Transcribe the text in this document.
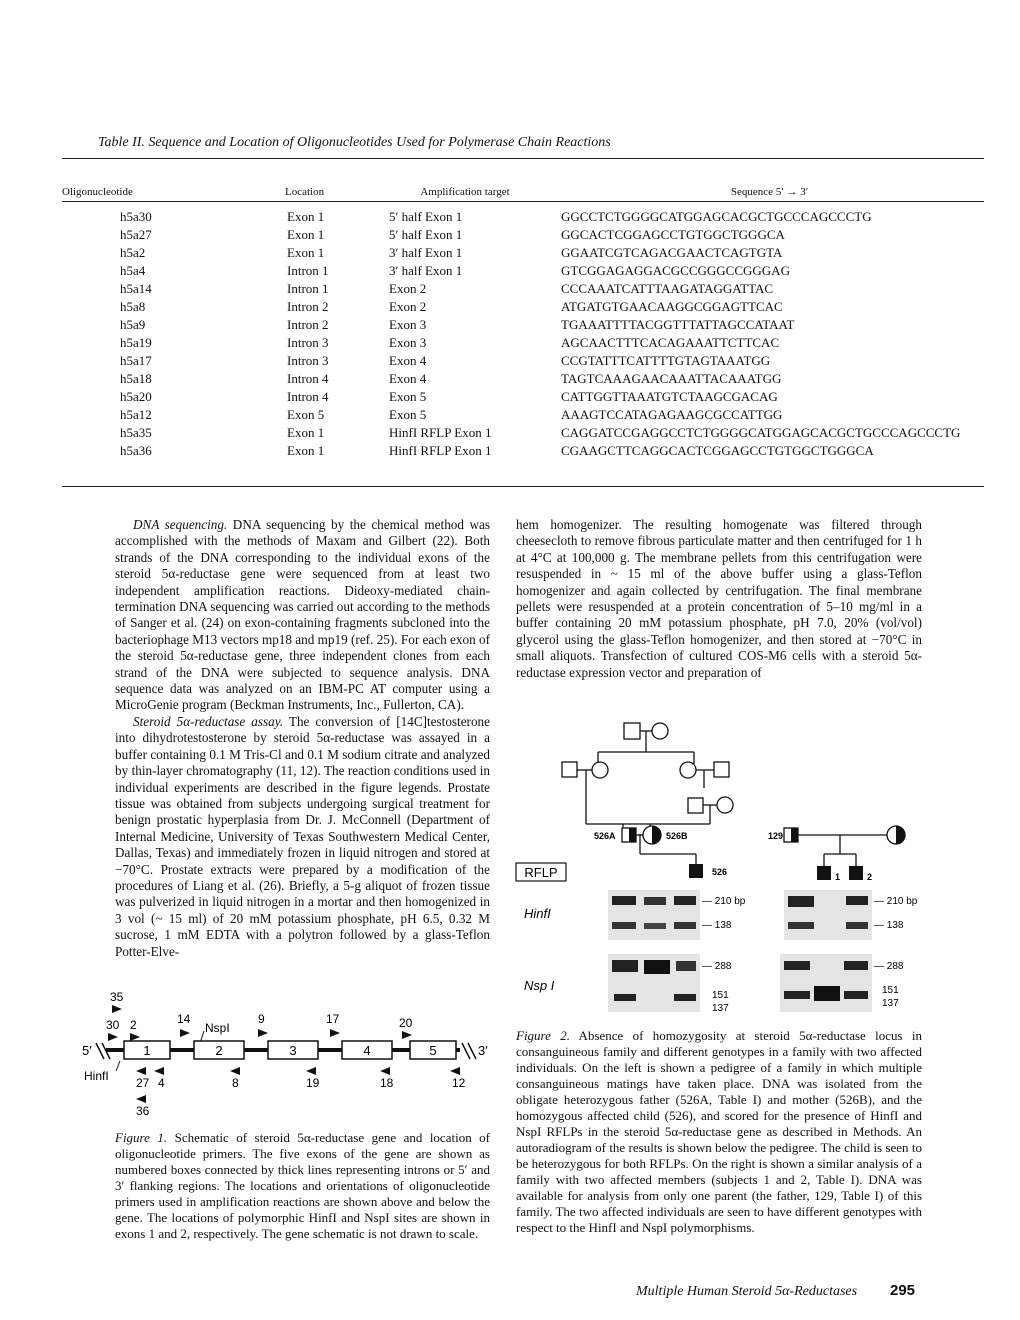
Table II. Sequence and Location of Oligonucleotides Used for Polymerase Chain Reactions
Oligonucleotide	Location	Amplification target	Sequence 5′ → 3′

h5a30	Exon 1	5′ half Exon 1	GGCCTCTGGGGCATGGAGCACGCTGCCCAGCCCTG
h5a27	Exon 1	5′ half Exon 1	GGCACTCGGAGCCTGTGGCTGGGCA
h5a2	Exon 1	3′ half Exon 1	GGAATCGTCAGACGAACTCAGTGTA
h5a4	Intron 1	3′ half Exon 1	GTCGGAGAGGACGCCGGGCCGGGAG
h5a14	Intron 1	Exon 2	CCCAAATCATTTAAGATAGGATTAC
h5a8	Intron 2	Exon 2	ATGATGTGAACAAGGCGGAGTTCAC
h5a9	Intron 2	Exon 3	TGAAATTTTACGGTTTATTAGCCATAAT
h5a19	Intron 3	Exon 3	AGCAACTTTCACAGAAATTCTTCAC
h5a17	Intron 3	Exon 4	CCGTATTTCATTTTGTAGTAAATGG
h5a18	Intron 4	Exon 4	TAGTCAAAGAACAAATTACAAATGG
h5a20	Intron 4	Exon 5	CATTGGTTAAATGTCTAAGCGACAG
h5a12	Exon 5	Exon 5	AAAGTCCATAGAGAAGCGCCATTGG
h5a35	Exon 1	HinfI RFLP Exon 1	CAGGATCCGAGGCCTCTGGGGCATGGAGCACGCTGCCCAGCCCTG
h5a36	Exon 1	HinfI RFLP Exon 1	CGAAGCTTCAGGCACTCGGAGCCTGTGGCTGGGCA

DNA sequencing. DNA sequencing by the chemical method was accomplished with the methods of Maxam and Gilbert (22). Both strands of the DNA corresponding to the individual exons of the steroid 5α-reductase gene were sequenced from at least two independent amplification reactions. Dideoxy-mediated chain-termination DNA sequencing was carried out according to the methods of Sanger et al. (24) on exon-containing fragments subcloned into the bacteriophage M13 vectors mp18 and mp19 (ref. 25). For each exon of the steroid 5α-reductase gene, three independent clones from each strand of the DNA were subjected to sequence analysis. DNA sequence data was analyzed on an IBM-PC AT computer using a MicroGenie program (Beckman Instruments, Inc., Fullerton, CA).

Steroid 5α-reductase assay. The conversion of [14C]testosterone into dihydrotestosterone by steroid 5α-reductase was assayed in a buffer containing 0.1 M Tris-Cl and 0.1 M sodium citrate and analyzed by thin-layer chromatography (11, 12). The reaction conditions used in individual experiments are described in the figure legends. Prostate tissue was obtained from subjects undergoing surgical treatment for benign prostatic hyperplasia from Dr. J. McConnell (Department of Internal Medicine, University of Texas Southwestern Medical Center, Dallas, Texas) and immediately frozen in liquid nitrogen and stored at −70°C. Prostate extracts were prepared by a modification of the procedures of Liang et al. (26). Briefly, a 5-g aliquot of frozen tissue was pulverized in liquid nitrogen in a mortar and then homogenized in 3 vol (~ 15 ml) of 20 mM potassium phosphate, pH 6.5, 0.32 M sucrose, 1 mM EDTA with a polytron followed by a glass-Teflon Potter-Elve-

hem homogenizer. The resulting homogenate was filtered through cheesecloth to remove fibrous particulate matter and then centrifuged for 1 h at 4°C at 100,000 g. The membrane pellets from this centrifugation were resuspended in ~ 15 ml of the above buffer using a glass-Teflon homogenizer and again collected by centrifugation. The final membrane pellets were resuspended at a protein concentration of 5–10 mg/ml in a buffer containing 20 mM potassium phosphate, pH 7.0, 20% (vol/vol) glycerol using the glass-Teflon homogenizer, and then stored at −70°C in small aliquots. Transfection of cultured COS-M6 cells with a steroid 5α-reductase expression vector and preparation of

35
30 2	14
NspI
9	17	20
5′	1	2	3	4	5	3′
HinfI 27 4	8	19	18	12
36
Figure 1. Schematic of steroid 5α-reductase gene and location of oligonucleotide primers. The five exons of the gene are shown as numbered boxes connected by thick lines representing introns or 5′ and 3′ flanking regions. The locations and orientations of oligonucleotide primers used in amplification reactions are shown above and below the gene. The locations of polymorphic HinfI and NspI sites are shown in exons 1 and 2, respectively. The gene schematic is not drawn to scale.
526A	526B
526
129
1	2
RFLP
HinfI
Nsp I
— 210 bp
— 138
— 210 bp
— 138
— 288
151
137
— 288
151
137
Figure 2. Absence of homozygosity at steroid 5α-reductase locus in consanguineous family and different genotypes in a family with two affected individuals. On the left is shown a pedigree of a family in which multiple consanguineous matings have taken place. DNA was isolated from the obligate heterozygous father (526A, Table I) and mother (526B), and the homozygous affected child (526), and scored for the presence of HinfI and NspI RFLPs in the steroid 5α-reductase gene as described in Methods. An autoradiogram of the results is shown below the pedigree. The child is seen to be heterozygous for both RFLPs. On the right is shown a similar analysis of a family with two affected members (subjects 1 and 2, Table I). DNA was available for analysis from only one parent (the father, 129, Table I) of this family. The two affected individuals are seen to have different genotypes with respect to the HinfI and NspI polymorphisms.
Multiple Human Steroid 5α-Reductases 295
